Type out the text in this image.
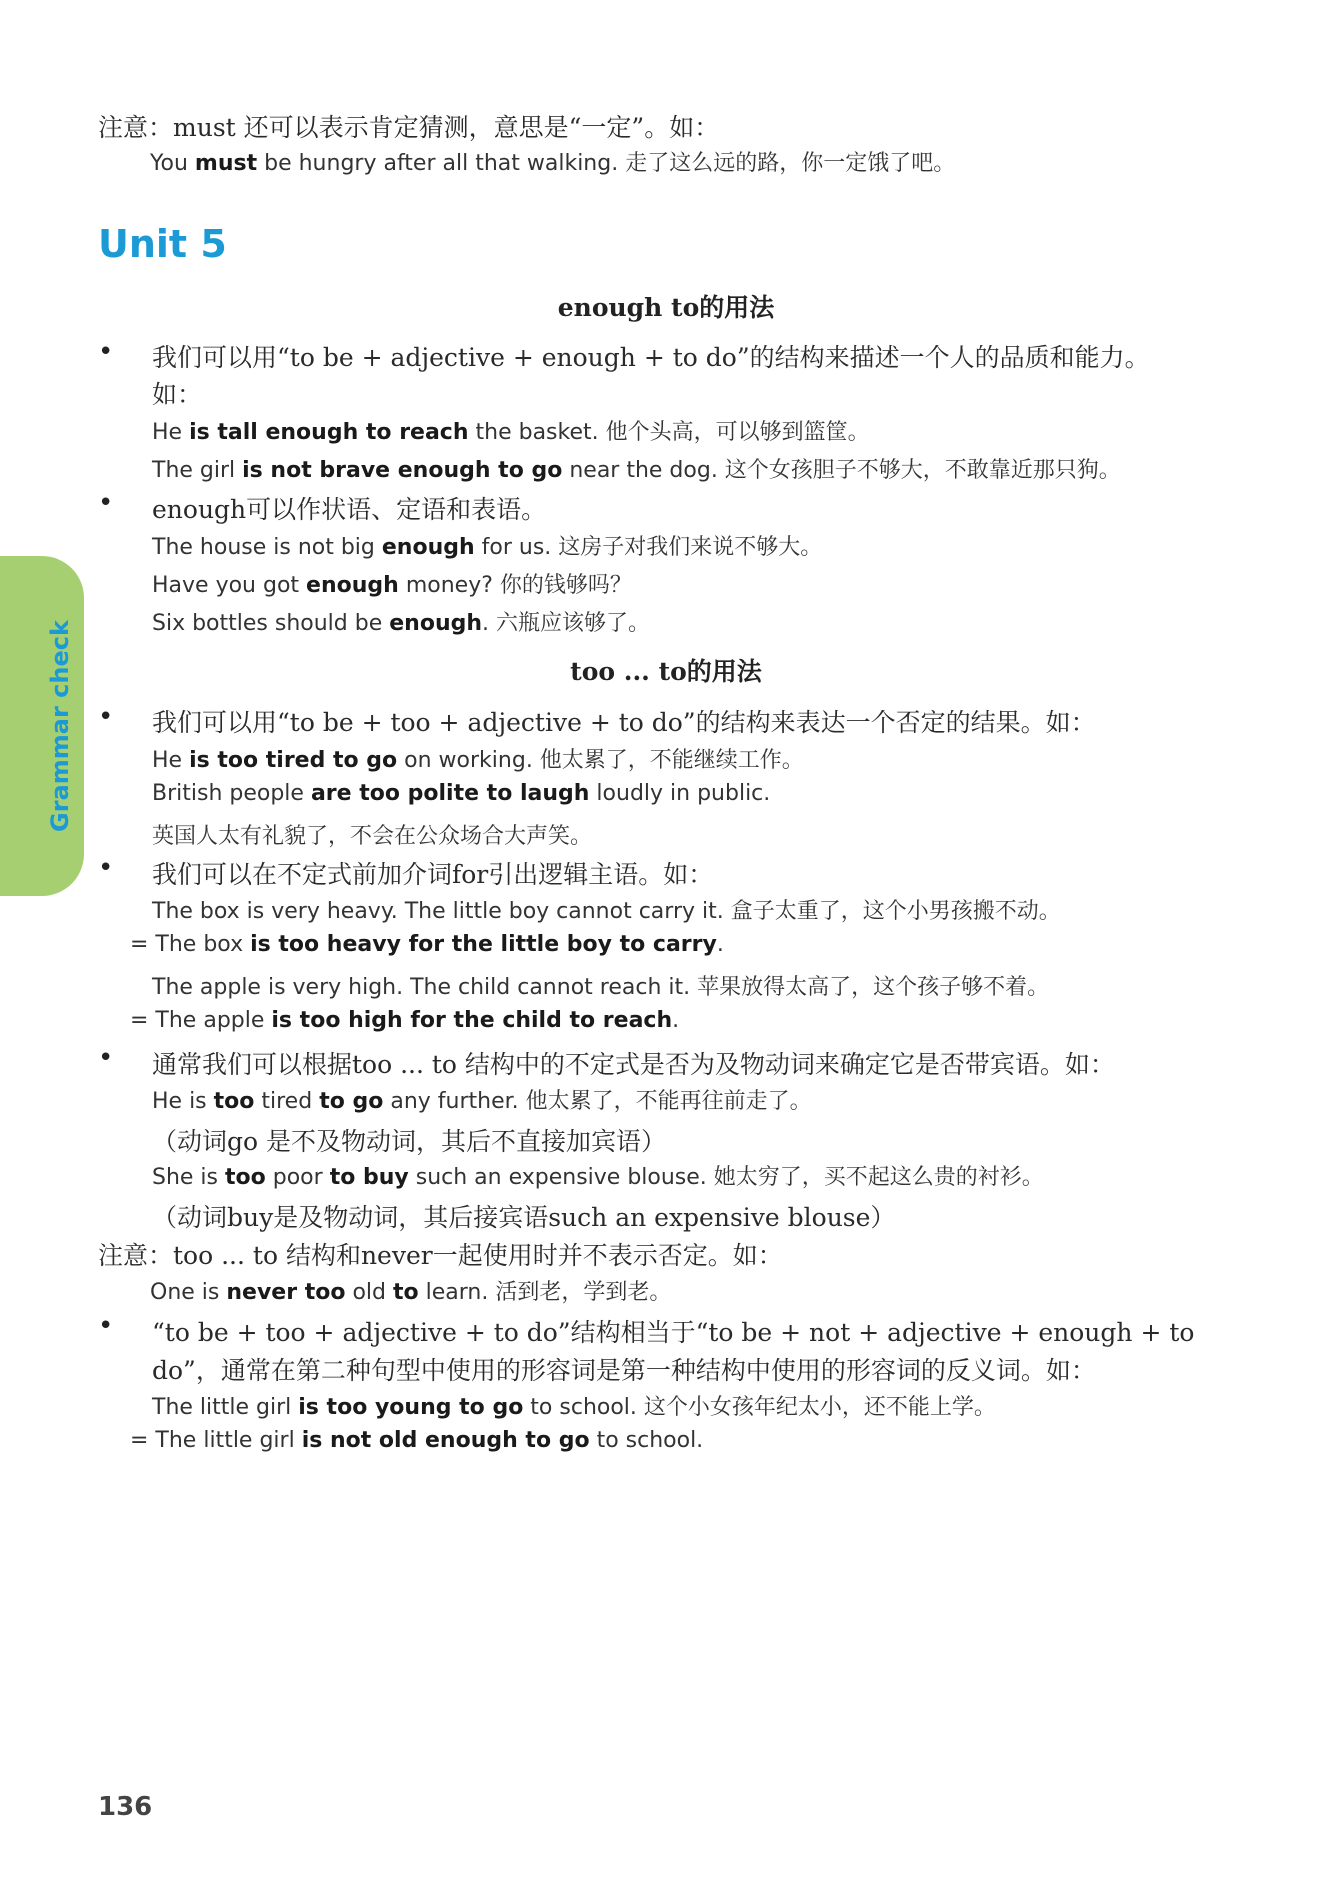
注意：must 还可以表示肯定猜测，意思是“一定”。如：
You must be hungry after all that walking. 走了这么远的路，你一定饿了吧。
Unit 5
enough to的用法
• 我们可以用“to be + adjective + enough + to do”的结构来描述一个人的品质和能力。
如：
He is tall enough to reach the basket. 他个头高，可以够到篮筐。
The girl is not brave enough to go near the dog. 这个女孩胆子不够大，不敢靠近那只狗。
• enough可以作状语、定语和表语。
The house is not big enough for us. 这房子对我们来说不够大。
Have you got enough money? 你的钱够吗？
Six bottles should be enough. 六瓶应该够了。
too ... to的用法
• 我们可以用“to be + too + adjective + to do”的结构来表达一个否定的结果。如：
He is too tired to go on working. 他太累了，不能继续工作。
British people are too polite to laugh loudly in public.
英国人太有礼貌了，不会在公众场合大声笑。
• 我们可以在不定式前加介词for引出逻辑主语。如：
The box is very heavy. The little boy cannot carry it. 盒子太重了，这个小男孩搬不动。
= The box is too heavy for the little boy to carry.
The apple is very high. The child cannot reach it. 苹果放得太高了，这个孩子够不着。
= The apple is too high for the child to reach.
• 通常我们可以根据too ... to 结构中的不定式是否为及物动词来确定它是否带宾语。如：
He is too tired to go any further. 他太累了，不能再往前走了。
（动词go 是不及物动词，其后不直接加宾语）
She is too poor to buy such an expensive blouse. 她太穷了，买不起这么贵的衬衫。
（动词buy是及物动词，其后接宾语such an expensive blouse）
注意：too ... to 结构和never一起使用时并不表示否定。如：
One is never too old to learn. 活到老，学到老。
• “to be + too + adjective + to do”结构相当于“to be + not + adjective + enough + to
do”，通常在第二种句型中使用的形容词是第一种结构中使用的形容词的反义词。如：
The little girl is too young to go to school. 这个小女孩年纪太小，还不能上学。
= The little girl is not old enough to go to school.
Grammar check
136
